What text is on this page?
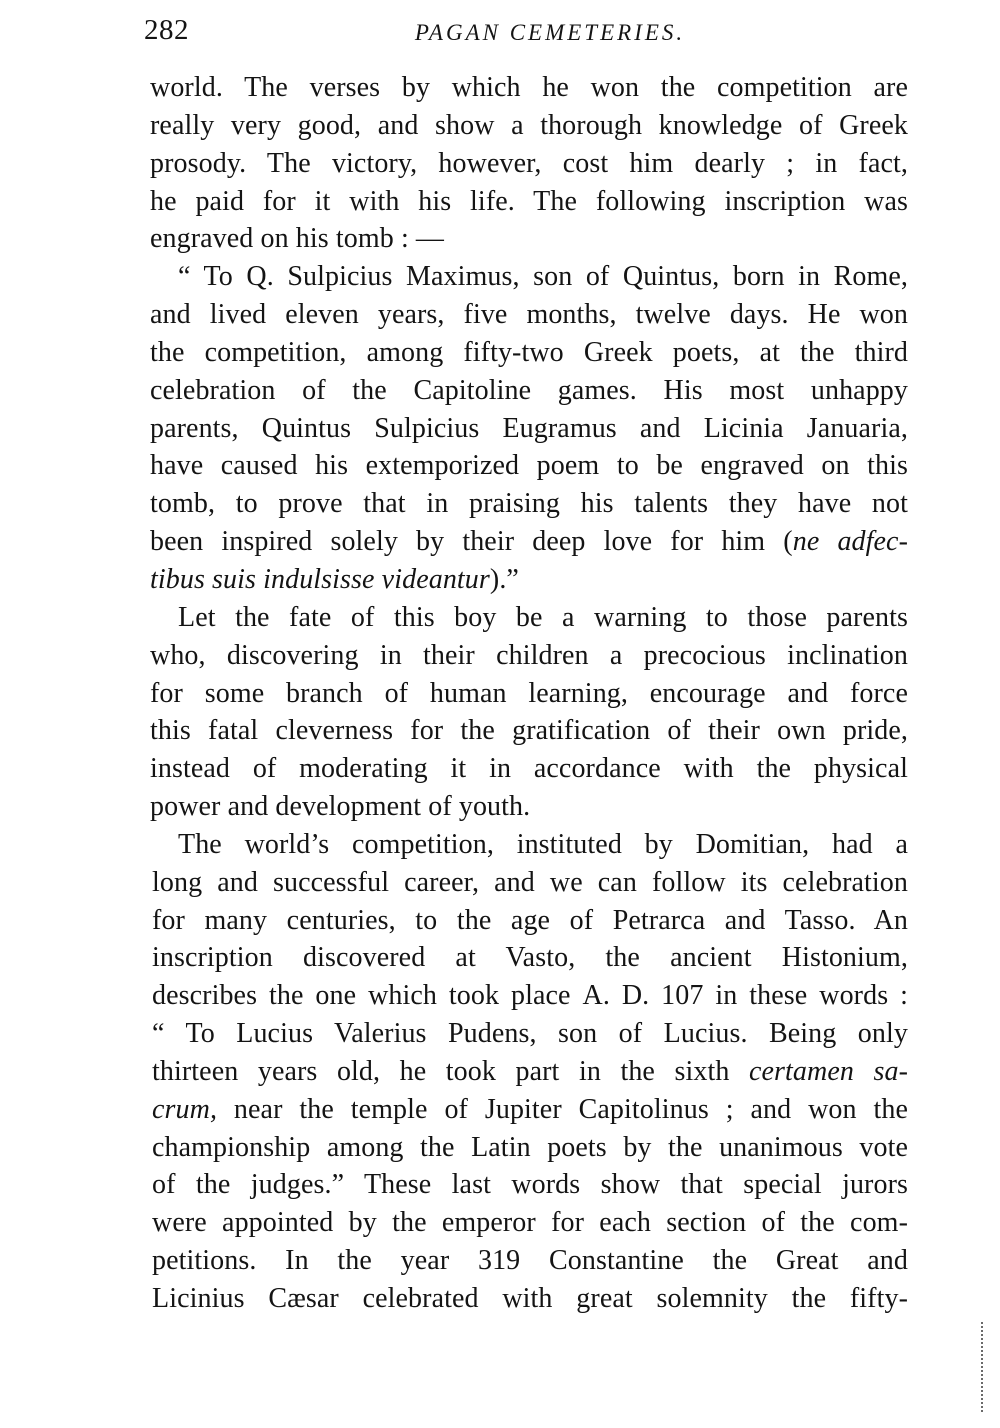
282	PAGAN CEMETERIES.
world. The verses by which he won the competition are
really very good, and show a thorough knowledge of Greek
prosody. The victory, however, cost him dearly ; in fact,
he paid for it with his life. The following inscription was
engraved on his tomb : —
“ To Q. Sulpicius Maximus, son of Quintus, born in Rome,
and lived eleven years, five months, twelve days. He won
the competition, among fifty-two Greek poets, at the third
celebration of the Capitoline games. His most unhappy
parents, Quintus Sulpicius Eugramus and Licinia Januaria,
have caused his extemporized poem to be engraved on this
tomb, to prove that in praising his talents they have not
been inspired solely by their deep love for him (ne adfec-
tibus suis indulsisse videantur).”
Let the fate of this boy be a warning to those parents
who, discovering in their children a precocious inclination
for some branch of human learning, encourage and force
this fatal cleverness for the gratification of their own pride,
instead of moderating it in accordance with the physical
power and development of youth.
The world’s competition, instituted by Domitian, had a
long and successful career, and we can follow its celebration
for many centuries, to the age of Petrarca and Tasso. An
inscription discovered at Vasto, the ancient Histonium,
describes the one which took place A. D. 107 in these words :
“ To Lucius Valerius Pudens, son of Lucius. Being only
thirteen years old, he took part in the sixth certamen sa-
crum, near the temple of Jupiter Capitolinus ; and won the
championship among the Latin poets by the unanimous vote
of the judges.” These last words show that special jurors
were appointed by the emperor for each section of the com-
petitions. In the year 319 Constantine the Great and
Licinius Cæsar celebrated with great solemnity the fifty-
